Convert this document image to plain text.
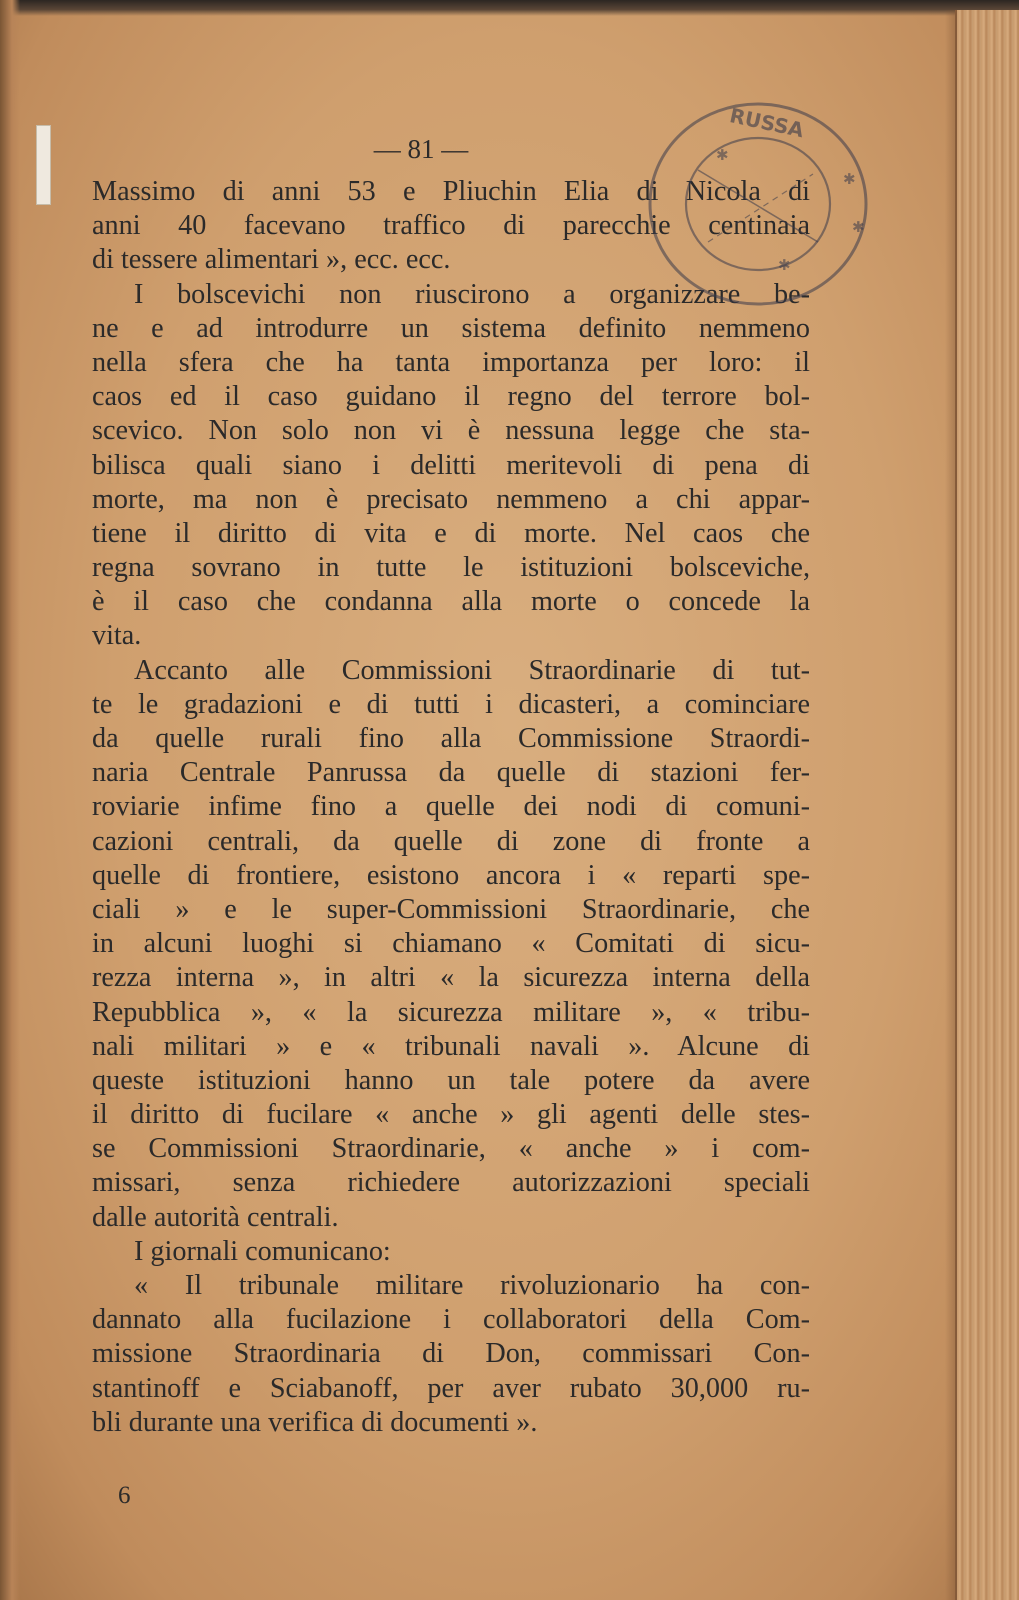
— 81 —
Massimo di anni 53 e Pliuchin Elia di Nicola di
anni 40 facevano traffico di parecchie centinaia
di tessere alimentari », ecc. ecc.
I bolscevichi non riuscirono a organizzare be-
ne e ad introdurre un sistema definito nemmeno
nella sfera che ha tanta importanza per loro: il
caos ed il caso guidano il regno del terrore bol-
scevico. Non solo non vi è nessuna legge che sta-
bilisca quali siano i delitti meritevoli di pena di
morte, ma non è precisato nemmeno a chi appar-
tiene il diritto di vita e di morte. Nel caos che
regna sovrano in tutte le istituzioni bolsceviche,
è il caso che condanna alla morte o concede la
vita.
Accanto alle Commissioni Straordinarie di tut-
te le gradazioni e di tutti i dicasteri, a cominciare
da quelle rurali fino alla Commissione Straordi-
naria Centrale Panrussa da quelle di stazioni fer-
roviarie infime fino a quelle dei nodi di comuni-
cazioni centrali, da quelle di zone di fronte a
quelle di frontiere, esistono ancora i « reparti spe-
ciali » e le super-Commissioni Straordinarie, che
in alcuni luoghi si chiamano « Comitati di sicu-
rezza interna », in altri « la sicurezza interna della
Repubblica », « la sicurezza militare », « tribu-
nali militari » e « tribunali navali ». Alcune di
queste istituzioni hanno un tale potere da avere
il diritto di fucilare « anche » gli agenti delle stes-
se Commissioni Straordinarie, « anche » i com-
missari, senza richiedere autorizzazioni speciali
dalle autorità centrali.
I giornali comunicano:
« Il tribunale militare rivoluzionario ha con-
dannato alla fucilazione i collaboratori della Com-
missione Straordinaria di Don, commissari Con-
stantinoff e Sciabanoff, per aver rubato 30,000 ru-
bli durante una verifica di documenti ».
6
✱
✱
✱
✱
RUSSA
